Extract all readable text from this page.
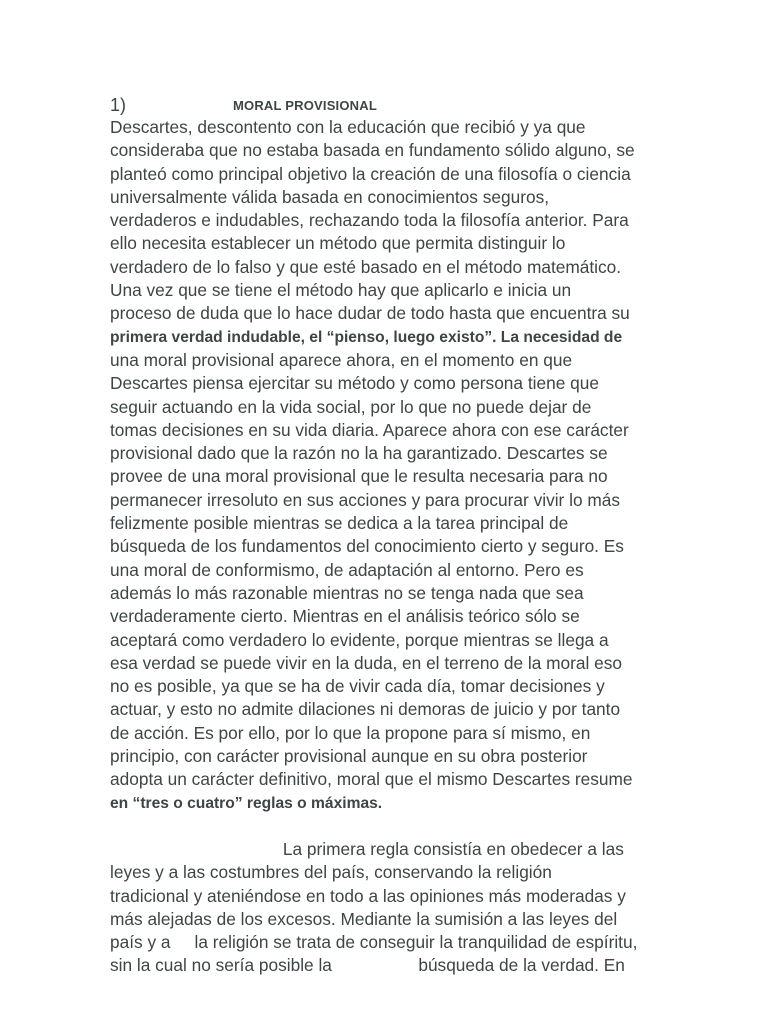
1)	MORAL PROVISIONAL
Descartes, descontento con la educación que recibió y ya que
consideraba que no estaba basada en fundamento sólido alguno, se
planteó como principal objetivo la creación de una filosofía o ciencia
universalmente válida basada en conocimientos seguros,
verdaderos e indudables, rechazando toda la filosofía anterior. Para
ello necesita establecer un método que permita distinguir lo
verdadero de lo falso y que esté basado en el método matemático.
Una vez que se tiene el método hay que aplicarlo e inicia un
proceso de duda que lo hace dudar de todo hasta que encuentra su
primera verdad indudable, el “pienso, luego existo”. La necesidad de
una moral provisional aparece ahora, en el momento en que
Descartes piensa ejercitar su método y como persona tiene que
seguir actuando en la vida social, por lo que no puede dejar de
tomas decisiones en su vida diaria. Aparece ahora con ese carácter
provisional dado que la razón no la ha garantizado. Descartes se
provee de una moral provisional que le resulta necesaria para no
permanecer irresoluto en sus acciones y para procurar vivir lo más
felizmente posible mientras se dedica a la tarea principal de
búsqueda de los fundamentos del conocimiento cierto y seguro. Es
una moral de conformismo, de adaptación al entorno. Pero es
además lo más razonable mientras no se tenga nada que sea
verdaderamente cierto. Mientras en el análisis teórico sólo se
aceptará como verdadero lo evidente, porque mientras se llega a
esa verdad se puede vivir en la duda, en el terreno de la moral eso
no es posible, ya que se ha de vivir cada día, tomar decisiones y
actuar, y esto no admite dilaciones ni demoras de juicio y por tanto
de acción. Es por ello, por lo que la propone para sí mismo, en
principio, con carácter provisional aunque en su obra posterior
adopta un carácter definitivo, moral que el mismo Descartes resume
en “tres o cuatro” reglas o máximas.
La primera regla consistía en obedecer a las
leyes y a las costumbres del país, conservando la religión
tradicional y ateniéndose en todo a las opiniones más moderadas y
más alejadas de los excesos. Mediante la sumisión a las leyes del
país y a     la religión se trata de conseguir la tranquilidad de espíritu,
sin la cual no sería posible la                  búsqueda de la verdad. En
